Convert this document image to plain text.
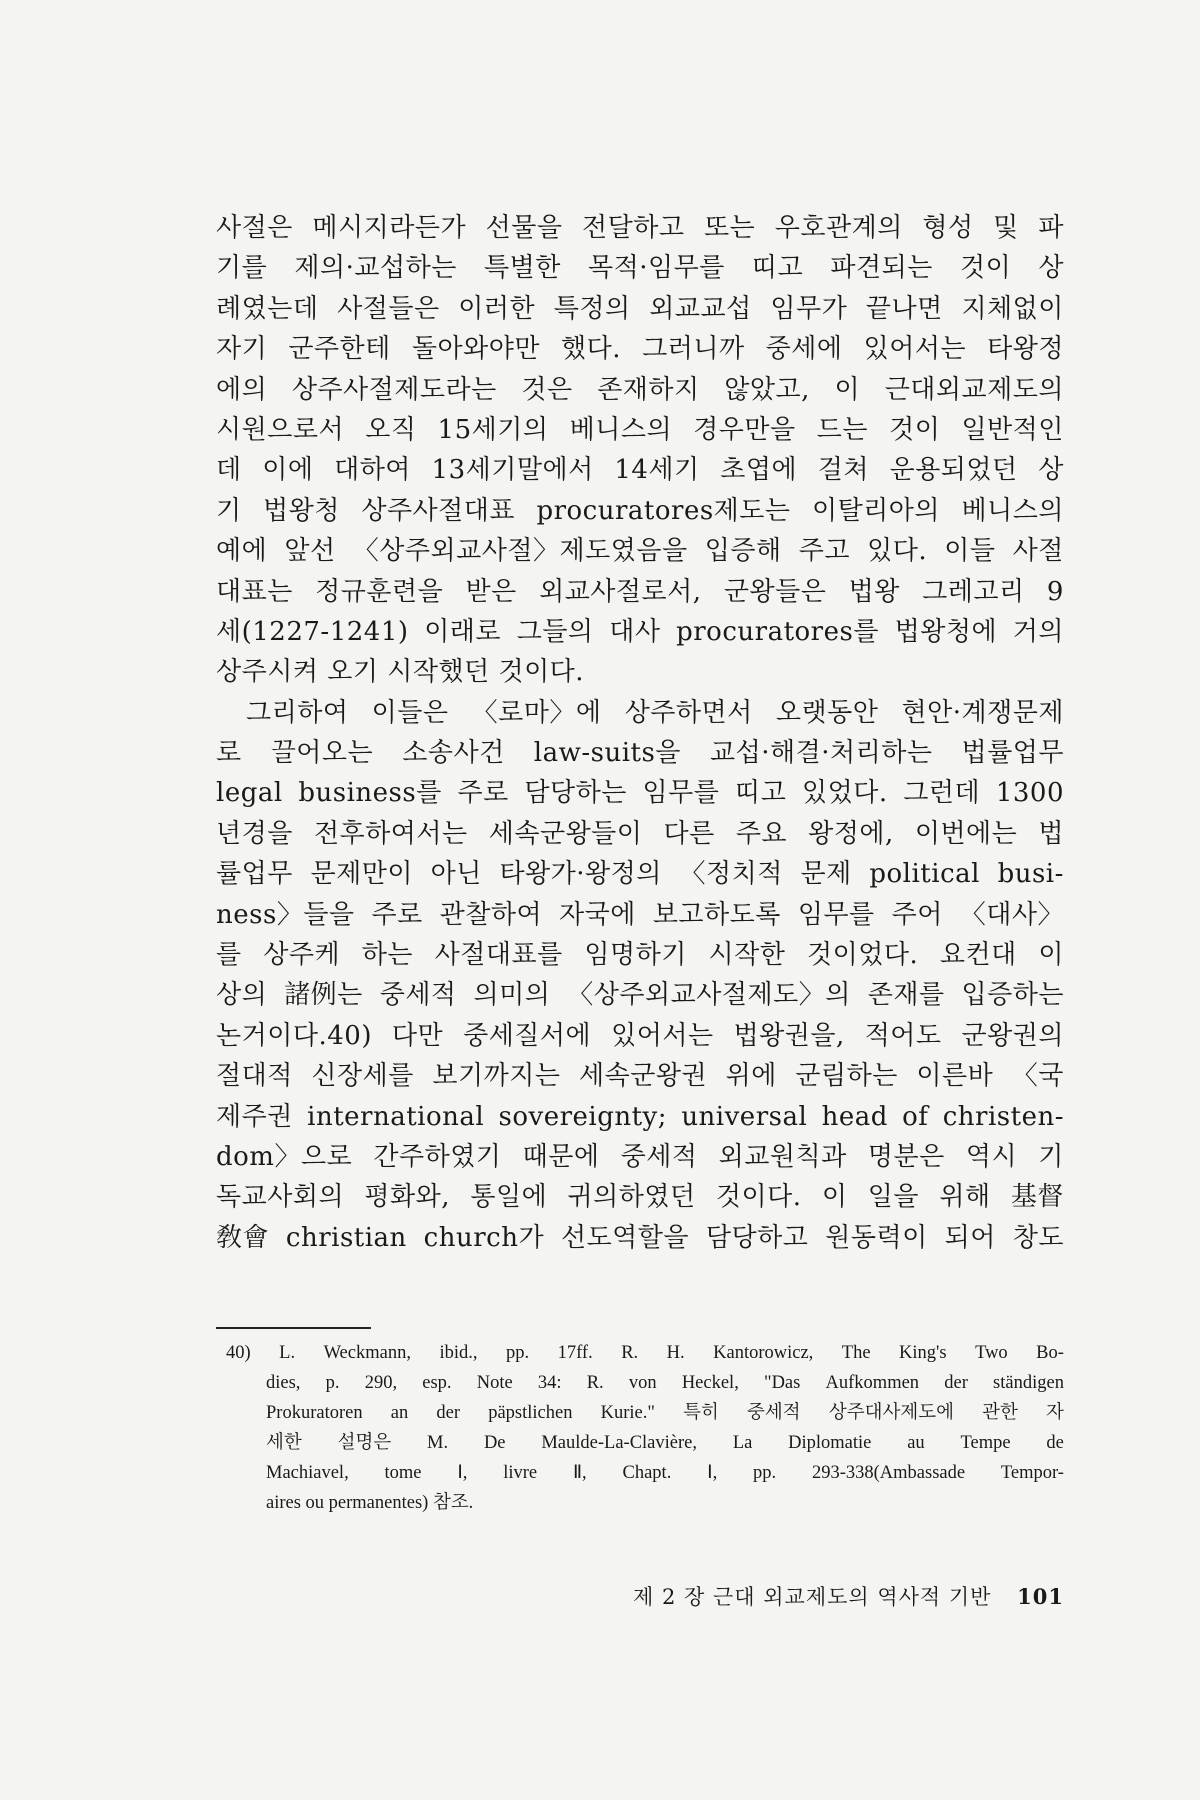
사절은 메시지라든가 선물을 전달하고 또는 우호관계의 형성 및 파
기를 제의·교섭하는 특별한 목적·임무를 띠고 파견되는 것이 상
례였는데 사절들은 이러한 특정의 외교교섭 임무가 끝나면 지체없이
자기 군주한테 돌아와야만 했다. 그러니까 중세에 있어서는 타왕정
에의 상주사절제도라는 것은 존재하지 않았고, 이 근대외교제도의
시원으로서 오직 15세기의 베니스의 경우만을 드는 것이 일반적인
데 이에 대하여 13세기말에서 14세기 초엽에 걸쳐 운용되었던 상
기 법왕청 상주사절대표 procuratores제도는 이탈리아의 베니스의
예에 앞선 〈상주외교사절〉제도였음을 입증해 주고 있다. 이들 사절
대표는 정규훈련을 받은 외교사절로서, 군왕들은 법왕 그레고리 9
세(1227-1241) 이래로 그들의 대사 procuratores를 법왕청에 거의
상주시켜 오기 시작했던 것이다.
그리하여 이들은 〈로마〉에 상주하면서 오랫동안 현안·계쟁문제
로 끌어오는 소송사건 law-suits을 교섭·해결·처리하는 법률업무
legal business를 주로 담당하는 임무를 띠고 있었다. 그런데 1300
년경을 전후하여서는 세속군왕들이 다른 주요 왕정에, 이번에는 법
률업무 문제만이 아닌 타왕가·왕정의 〈정치적 문제 political busi-
ness〉들을 주로 관찰하여 자국에 보고하도록 임무를 주어 〈대사〉
를 상주케 하는 사절대표를 임명하기 시작한 것이었다. 요컨대 이
상의 諸例는 중세적 의미의 〈상주외교사절제도〉의 존재를 입증하는
논거이다.40) 다만 중세질서에 있어서는 법왕권을, 적어도 군왕권의
절대적 신장세를 보기까지는 세속군왕권 위에 군림하는 이른바 〈국
제주권 international sovereignty; universal head of christen-
dom〉으로 간주하였기 때문에 중세적 외교원칙과 명분은 역시 기
독교사회의 평화와, 통일에 귀의하였던 것이다. 이 일을 위해 基督
敎會 christian church가 선도역할을 담당하고 원동력이 되어 창도
40) L. Weckmann, ibid., pp. 17ff. R. H. Kantorowicz, The King's Two Bo-
dies, p. 290, esp. Note 34: R. von Heckel, "Das Aufkommen der ständigen
Prokuratoren an der päpstlichen Kurie." 특히 중세적 상주대사제도에 관한 자
세한 설명은 M. De Maulde-La-Clavière, La Diplomatie au Tempe de
Machiavel, tome Ⅰ, livre Ⅱ, Chapt. Ⅰ, pp. 293-338(Ambassade Tempor-
aires ou permanentes) 참조.
제 2 장 근대 외교제도의 역사적 기반 101
